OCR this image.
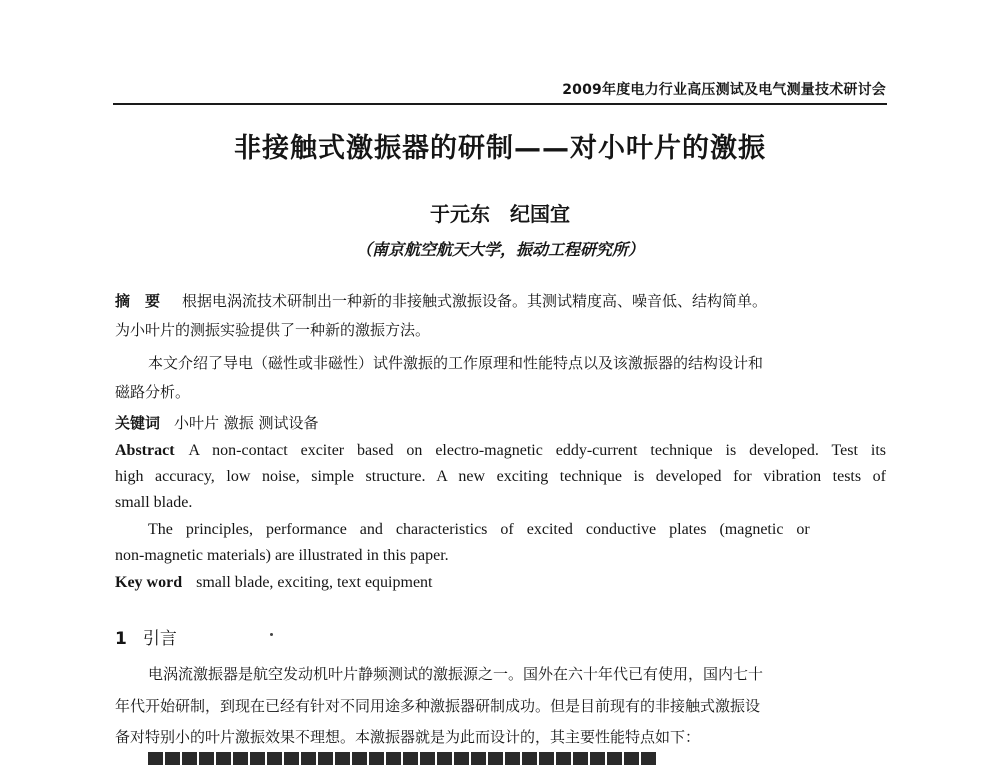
2009年度电力行业高压测试及电气测量技术研讨会
非接触式激振器的研制——对小叶片的激振
于元东　纪国宜
（南京航空航天大学，振动工程研究所）
摘　要 根据电涡流技术研制出一种新的非接触式激振设备。其测试精度高、噪音低、结构简单。
为小叶片的测振实验提供了一种新的激振方法。
本文介绍了导电（磁性或非磁性）试件激振的工作原理和性能特点以及该激振器的结构设计和
磁路分析。
关键词 小叶片 激振 测试设备
Abstract A non-contact exciter based on electro-magnetic eddy-current technique is developed. Test its
high accuracy, low noise, simple structure. A new exciting technique is developed for vibration tests of
small blade.
The principles, performance and characteristics of excited conductive plates (magnetic or
non-magnetic materials) are illustrated in this paper.
Key word small blade, exciting, text equipment
1 引言
电涡流激振器是航空发动机叶片静频测试的激振源之一。国外在六十年代已有使用，国内七十
年代开始研制，到现在已经有针对不同用途多种激振器研制成功。但是目前现有的非接触式激振设
备对特别小的叶片激振效果不理想。本激振器就是为此而设计的，其主要性能特点如下：
